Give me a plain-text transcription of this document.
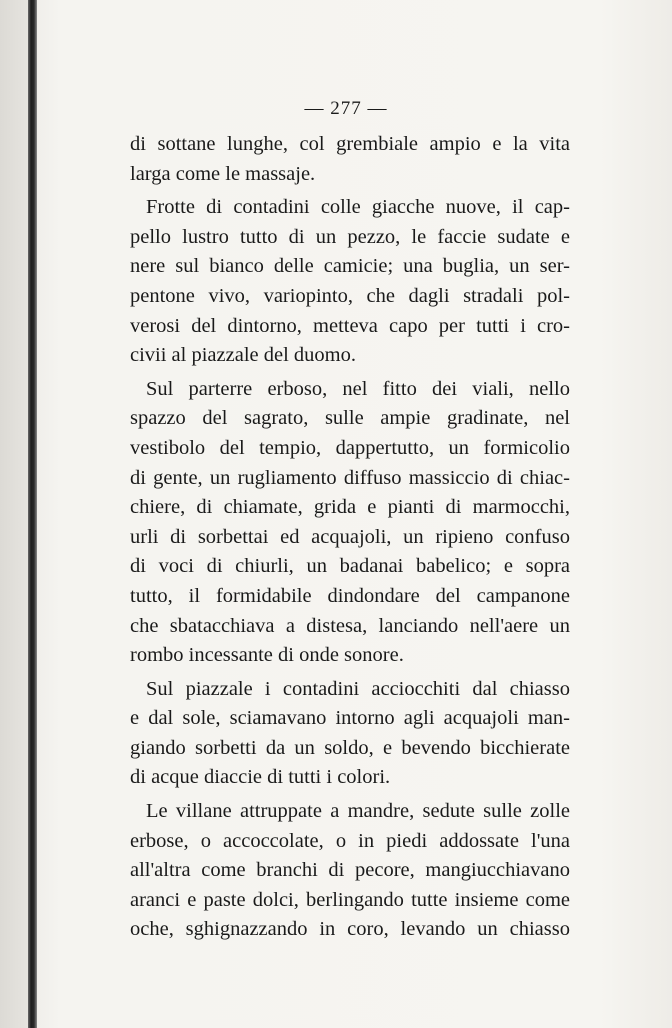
— 277 —
di sottane lunghe, col grembiale ampio e la vita
larga come le massaje.
Frotte di contadini colle giacche nuove, il cap-
pello lustro tutto di un pezzo, le faccie sudate e
nere sul bianco delle camicie; una buglia, un ser-
pentone vivo, variopinto, che dagli stradali pol-
verosi del dintorno, metteva capo per tutti i cro-
civii al piazzale del duomo.
Sul parterre erboso, nel fitto dei viali, nello
spazzo del sagrato, sulle ampie gradinate, nel
vestibolo del tempio, dappertutto, un formicolio
di gente, un rugliamento diffuso massiccio di chiac-
chiere, di chiamate, grida e pianti di marmocchi,
urli di sorbettai ed acquajoli, un ripieno confuso
di voci di chiurli, un badanai babelico; e sopra
tutto, il formidabile dindondare del campanone
che sbatacchiava a distesa, lanciando nell'aere un
rombo incessante di onde sonore.
Sul piazzale i contadini acciocchiti dal chiasso
e dal sole, sciamavano intorno agli acquajoli man-
giando sorbetti da un soldo, e bevendo bicchierate
di acque diaccie di tutti i colori.
Le villane attruppate a mandre, sedute sulle zolle
erbose, o accoccolate, o in piedi addossate l'una
all'altra come branchi di pecore, mangiucchiavano
aranci e paste dolci, berlingando tutte insieme come
oche, sghignazzando in coro, levando un chiasso
